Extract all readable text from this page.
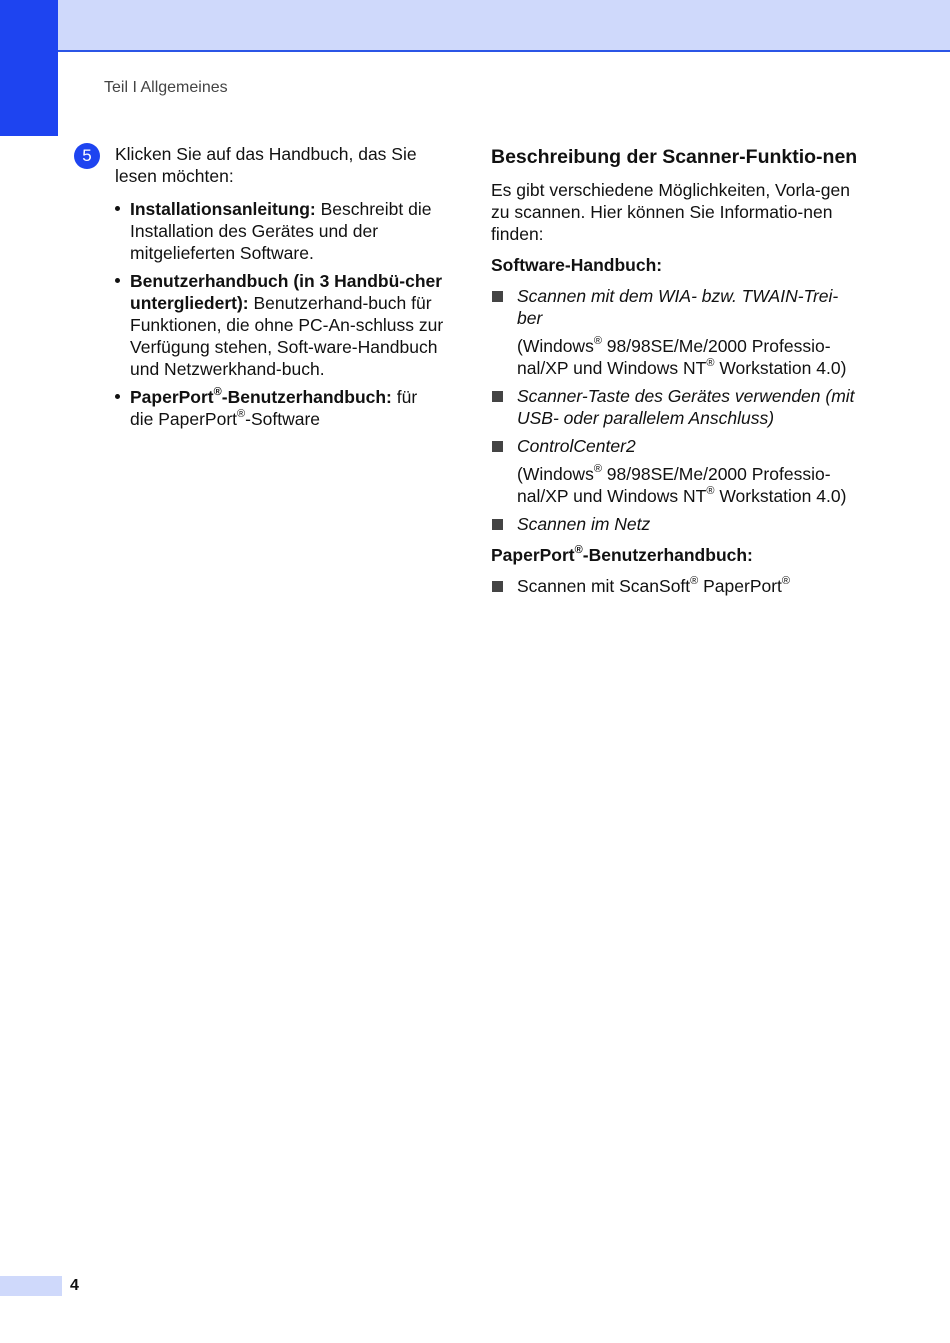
Teil I Allgemeines
5	Klicken Sie auf das Handbuch, das Sie lesen möchten:

Installationsanleitung: Beschreibt die Installation des Gerätes und der mitgelieferten Software.
Benutzerhandbuch (in 3 Handbü-cher untergliedert): Benutzerhand-buch für Funktionen, die ohne PC-An-schluss zur Verfügung stehen, Soft-ware-Handbuch und Netzwerkhand-buch.
PaperPort®-Benutzerhandbuch: für die PaperPort®-Software
Beschreibung der Scanner-Funktio-nen

Es gibt verschiedene Möglichkeiten, Vorla-gen zu scannen. Hier können Sie Informatio-nen finden:

Software-Handbuch:
Scannen mit dem WIA- bzw. TWAIN-Trei-ber
(Windows® 98/98SE/Me/2000 Professio-nal/XP und Windows NT® Workstation 4.0)
Scanner-Taste des Gerätes verwenden (mit USB- oder parallelem Anschluss)
ControlCenter2
(Windows® 98/98SE/Me/2000 Professio-nal/XP und Windows NT® Workstation 4.0)
Scannen im Netz
PaperPort®-Benutzerhandbuch:
Scannen mit ScanSoft® PaperPort®
4
